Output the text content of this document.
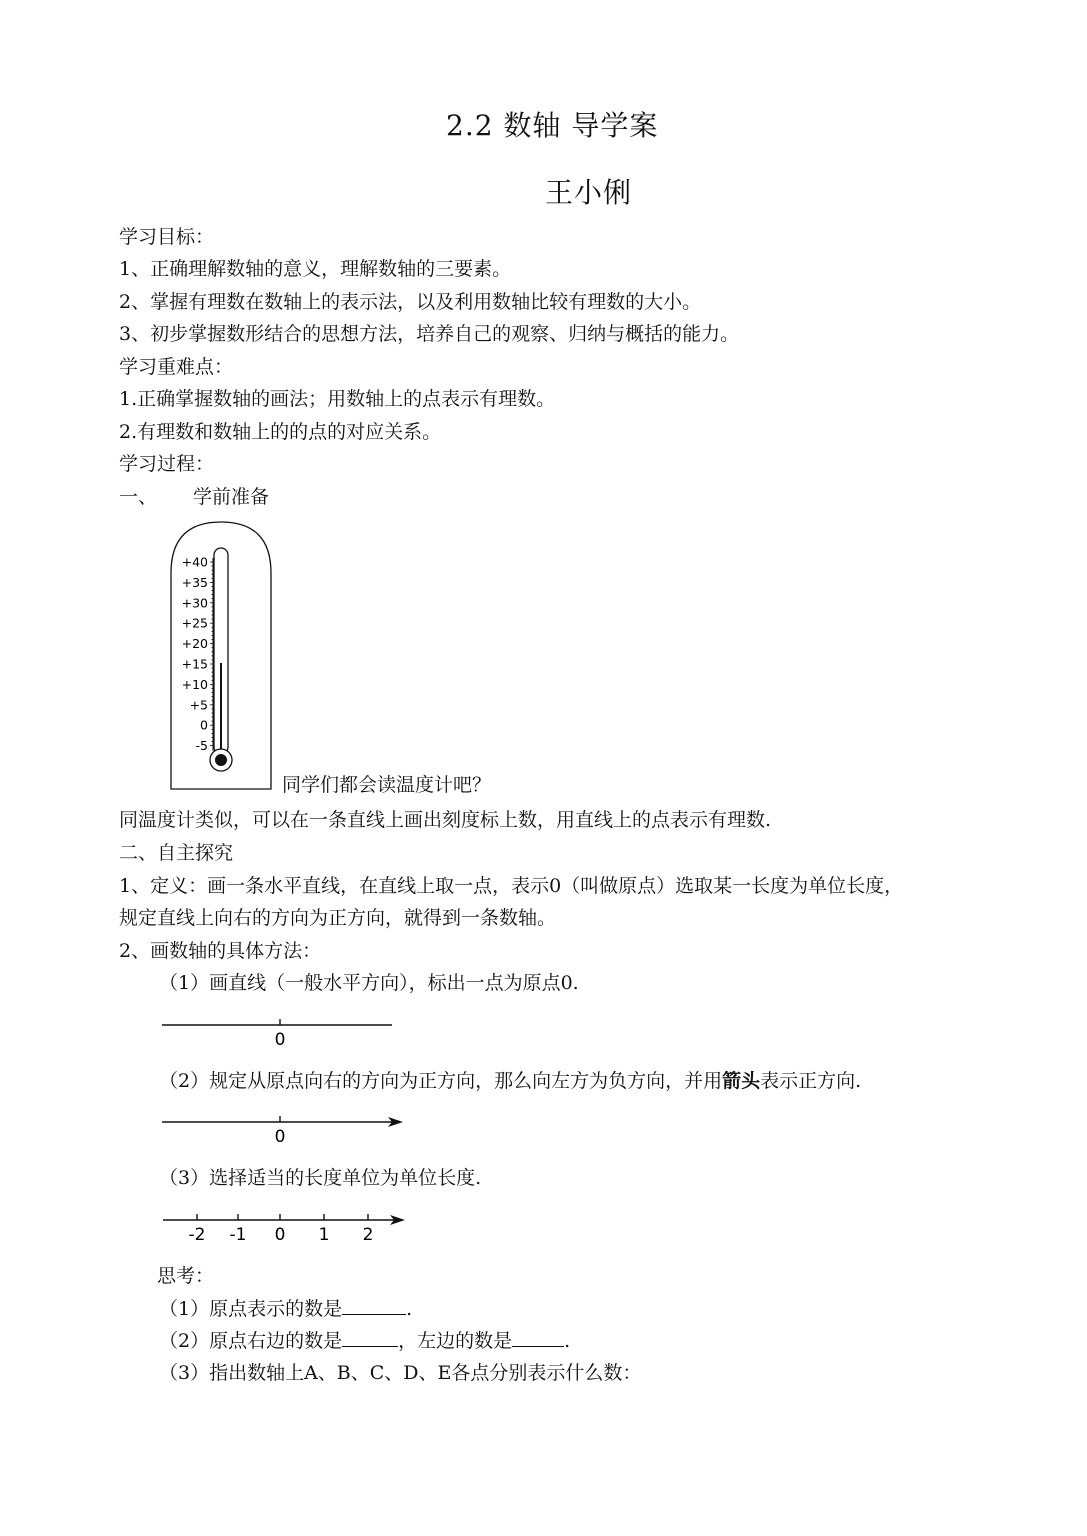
2.2 数轴 导学案
王小俐
学习目标：
1、正确理解数轴的意义，理解数轴的三要素。
2、掌握有理数在数轴上的表示法，以及利用数轴比较有理数的大小。
3、初步掌握数形结合的思想方法，培养自己的观察、归纳与概括的能力。
学习重难点：
1.正确掌握数轴的画法；用数轴上的点表示有理数。
2.有理数和数轴上的的点的对应关系。
学习过程：
一、 学前准备
+40
+35
+30
+25
+20
+15
+10
+5
0
-5
同学们都会读温度计吧？
同温度计类似，可以在一条直线上画出刻度标上数，用直线上的点表示有理数.
二、自主探究
1、定义：画一条水平直线，在直线上取一点，表示0（叫做原点）选取某一长度为单位长度，
规定直线上向右的方向为正方向，就得到一条数轴。
2、画数轴的具体方法：
（1）画直线（一般水平方向），标出一点为原点0.
0
（2）规定从原点向右的方向为正方向，那么向左方为负方向，并用箭头表示正方向.
0
（3）选择适当的长度单位为单位长度.
-2 -1 0 1 2
思考：
（1）原点表示的数是	.
（2）原点右边的数是	，左边的数是	.
（3）指出数轴上A、B、C、D、E各点分别表示什么数：
